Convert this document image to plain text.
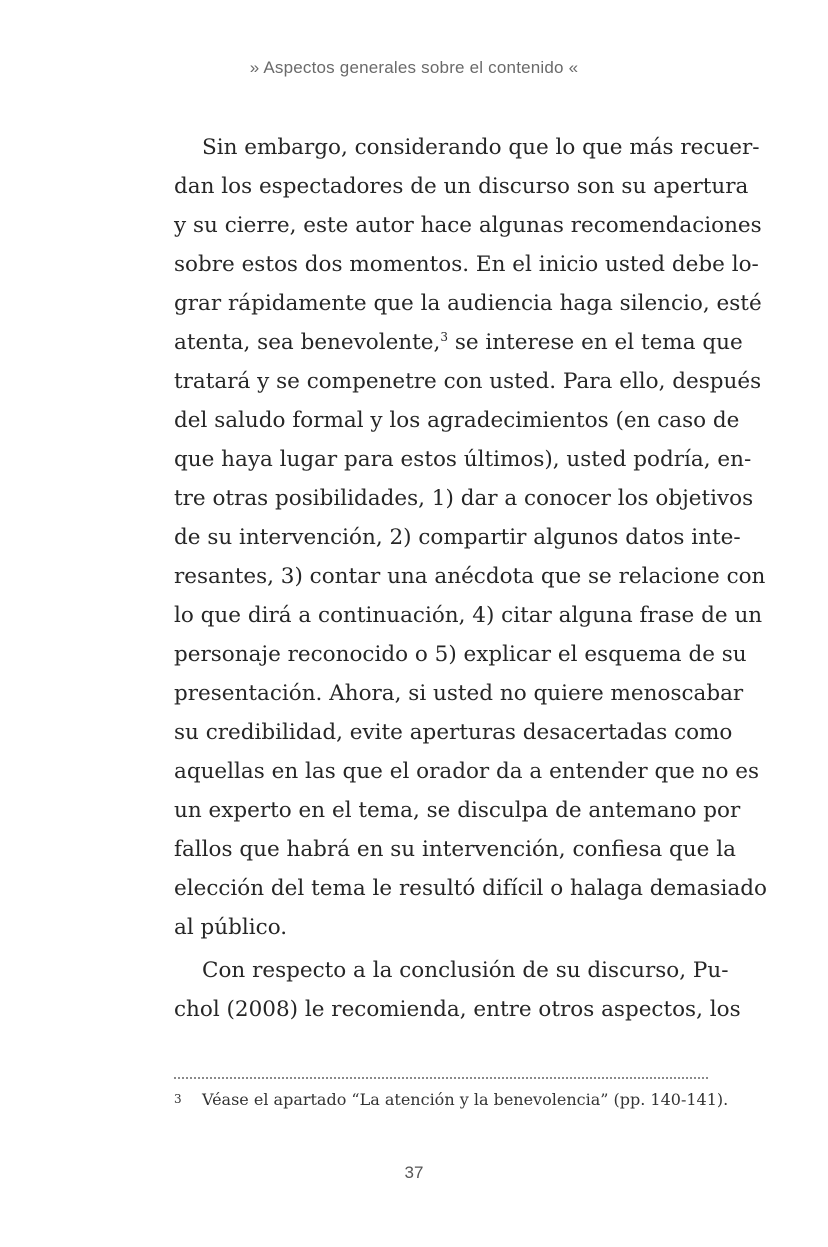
» Aspectos generales sobre el contenido «

Sin embargo, considerando que lo que más recuer-
dan los espectadores de un discurso son su apertura
y su cierre, este autor hace algunas recomendaciones
sobre estos dos momentos. En el inicio usted debe lo-
grar rápidamente que la audiencia haga silencio, esté
atenta, sea benevolente,$^3$ se interese en el tema que
tratará y se compenetre con usted. Para ello, después
del saludo formal y los agradecimientos (en caso de
que haya lugar para estos últimos), usted podría, en-
tre otras posibilidades, 1) dar a conocer los objetivos
de su intervención, 2) compartir algunos datos inte-
resantes, 3) contar una anécdota que se relacione con
lo que dirá a continuación, 4) citar alguna frase de un
personaje reconocido o 5) explicar el esquema de su
presentación. Ahora, si usted no quiere menoscabar
su credibilidad, evite aperturas desacertadas como
aquellas en las que el orador da a entender que no es
un experto en el tema, se disculpa de antemano por
fallos que habrá en su intervención, confiesa que la
elección del tema le resultó difícil o halaga demasiado
al público.

Con respecto a la conclusión de su discurso, Pu-
chol (2008) le recomienda, entre otros aspectos, los

3 Véase el apartado “La atención y la benevolencia” (pp. 140-141).
37
